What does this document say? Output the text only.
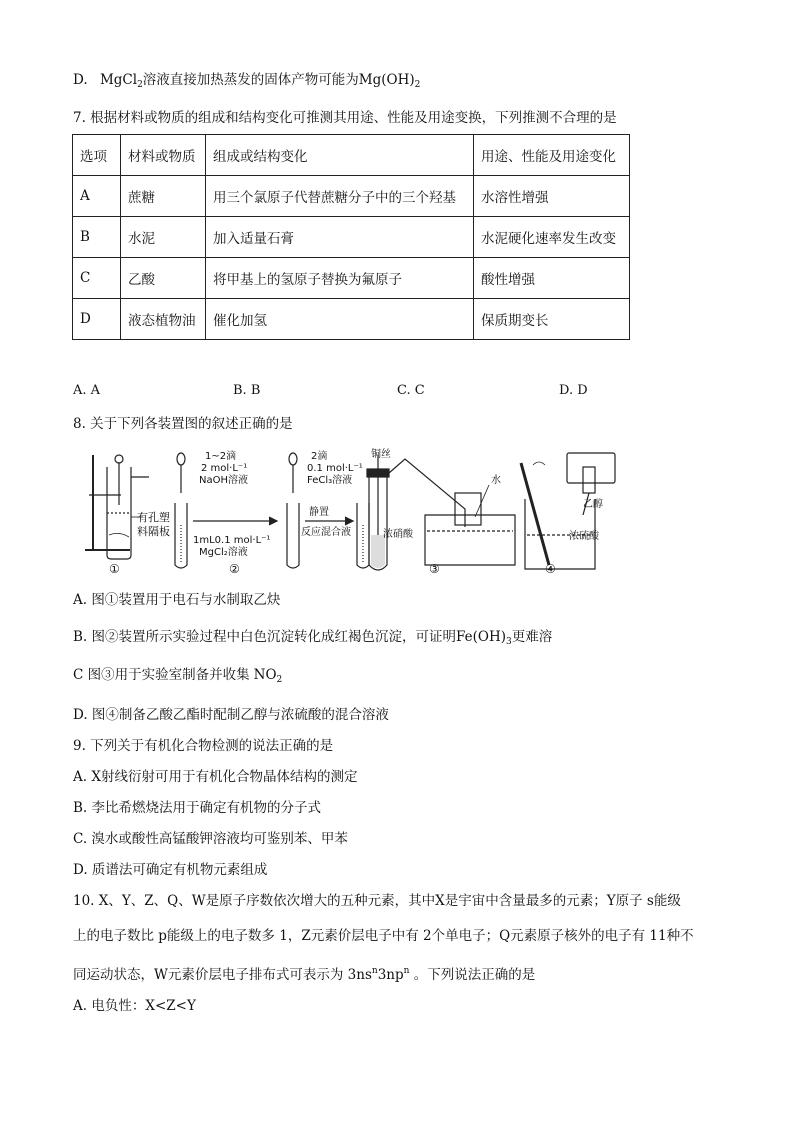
D. MgCl$_2$溶液直接加热蒸发的固体产物可能为$Mg(OH)_2$
7. 根据材料或物质的组成和结构变化可推测其用途、性能及用途变换，下列推测不合理的是
选项	材料或物质	组成或结构变化	用途、性能及用途变化
A	蔗糖	用三个氯原子代替蔗糖分子中的三个羟基	水溶性增强
B	水泥	加入适量石膏	水泥硬化速率发生改变
C	乙酸	将甲基上的氢原子替换为氟原子	酸性增强
D	液态植物油	催化加氢	保质期变长
A. A	B. B	C. C	D. D
8. 关于下列各装置图的叙述正确的是
有孔塑
料隔板
①
1~2滴
2 mol·L⁻¹
NaOH溶液
1mL0.1 mol·L⁻¹
MgCl₂溶液
②
2滴
0.1 mol·L⁻¹
FeCl₃溶液
静置
反应混合液
铜丝
水
浓硝酸
③
乙醇
浓硫酸
④
A. 图①装置用于电石与水制取乙炔
B. 图②装置所示实验过程中白色沉淀转化成红褐色沉淀，可证明$Fe(OH)_3$更难溶
C 图③用于实验室制备并收集 $NO_2$
D. 图④制备乙酸乙酯时配制乙醇与浓硫酸的混合溶液
9. 下列关于有机化合物检测的说法正确的是
A. X射线衍射可用于有机化合物晶体结构的测定
B. 李比希燃烧法用于确定有机物的分子式
C. 溴水或酸性高锰酸钾溶液均可鉴别苯、甲苯
D. 质谱法可确定有机物元素组成
10. X、Y、Z、Q、W是原子序数依次增大的五种元素，其中X是宇宙中含量最多的元素；Y原子 s能级
上的电子数比 p能级上的电子数多 1，Z元素价层电子中有 2个单电子；Q元素原子核外的电子有 11种不
同运动状态，W元素价层电子排布式可表示为 $3ns^n3np^n$ 。下列说法正确的是
A. 电负性：X<Z<Y
